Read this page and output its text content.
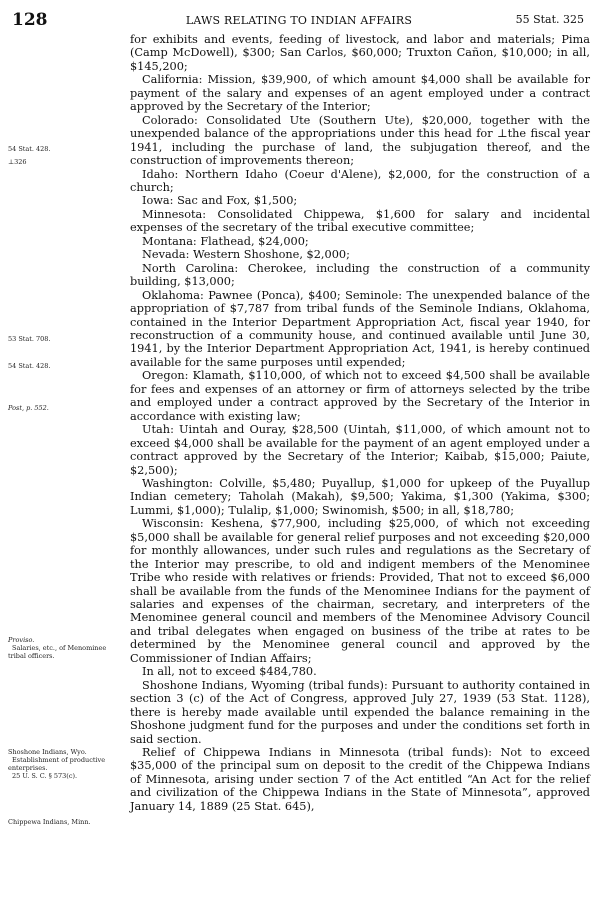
128	LAWS RELATING TO INDIAN AFFAIRS	55 Stat. 325
54 Stat. 428.
⊥326
53 Stat. 708.
54 Stat. 428.
Post, p. 552.
Proviso.
Salaries, etc., of Menominee tribal officers.
Shoshone Indians, Wyo.
Establishment of productive enterprises.
25 U. S. C. § 573(c).
Chippewa Indians, Minn.

for exhibits and events, feeding of livestock, and labor and materials; Pima (Camp McDowell), $300; San Carlos, $60,000; Truxton Cañon, $10,000; in all, $145,200;

California: Mission, $39,900, of which amount $4,000 shall be available for payment of the salary and expenses of an agent employed under a contract approved by the Secretary of the Interior;

Colorado: Consolidated Ute (Southern Ute), $20,000, together with the unexpended balance of the appropriations under this head for ⊥the fiscal year 1941, including the purchase of land, the subjugation thereof, and the construction of improvements thereon;

Idaho: Northern Idaho (Coeur d'Alene), $2,000, for the construction of a church;

Iowa: Sac and Fox, $1,500;

Minnesota: Consolidated Chippewa, $1,600 for salary and incidental expenses of the secretary of the tribal executive committee;

Montana: Flathead, $24,000;

Nevada: Western Shoshone, $2,000;

North Carolina: Cherokee, including the construction of a community building, $13,000;

Oklahoma: Pawnee (Ponca), $400; Seminole: The unexpended balance of the appropriation of $7,787 from tribal funds of the Seminole Indians, Oklahoma, contained in the Interior Department Appropriation Act, fiscal year 1940, for reconstruction of a community house, and continued available until June 30, 1941, by the Interior Department Appropriation Act, 1941, is hereby continued available for the same purposes until expended;

Oregon: Klamath, $110,000, of which not to exceed $4,500 shall be available for fees and expenses of an attorney or firm of attorneys selected by the tribe and employed under a contract approved by the Secretary of the Interior in accordance with existing law;

Utah: Uintah and Ouray, $28,500 (Uintah, $11,000, of which amount not to exceed $4,000 shall be available for the payment of an agent employed under a contract approved by the Secretary of the Interior; Kaibab, $15,000; Paiute, $2,500);

Washington: Colville, $5,480; Puyallup, $1,000 for upkeep of the Puyallup Indian cemetery; Taholah (Makah), $9,500; Yakima, $1,300 (Yakima, $300; Lummi, $1,000); Tulalip, $1,000; Swinomish, $500; in all, $18,780;

Wisconsin: Keshena, $77,900, including $25,000, of which not exceeding $5,000 shall be available for general relief purposes and not exceeding $20,000 for monthly allowances, under such rules and regulations as the Secretary of the Interior may prescribe, to old and indigent members of the Menominee Tribe who reside with relatives or friends: Provided, That not to exceed $6,000 shall be available from the funds of the Menominee Indians for the payment of salaries and expenses of the chairman, secretary, and interpreters of the Menominee general council and members of the Menominee Advisory Council and tribal delegates when engaged on business of the tribe at rates to be determined by the Menominee general council and approved by the Commissioner of Indian Affairs;

In all, not to exceed $484,780.

Shoshone Indians, Wyoming (tribal funds): Pursuant to authority contained in section 3 (c) of the Act of Congress, approved July 27, 1939 (53 Stat. 1128), there is hereby made available until expended the balance remaining in the Shoshone judgment fund for the purposes and under the conditions set forth in said section.

Relief of Chippewa Indians in Minnesota (tribal funds): Not to exceed $35,000 of the principal sum on deposit to the credit of the Chippewa Indians of Minnesota, arising under section 7 of the Act entitled “An Act for the relief and civilization of the Chippewa Indians in the State of Minnesota”, approved January 14, 1889 (25 Stat. 645),
